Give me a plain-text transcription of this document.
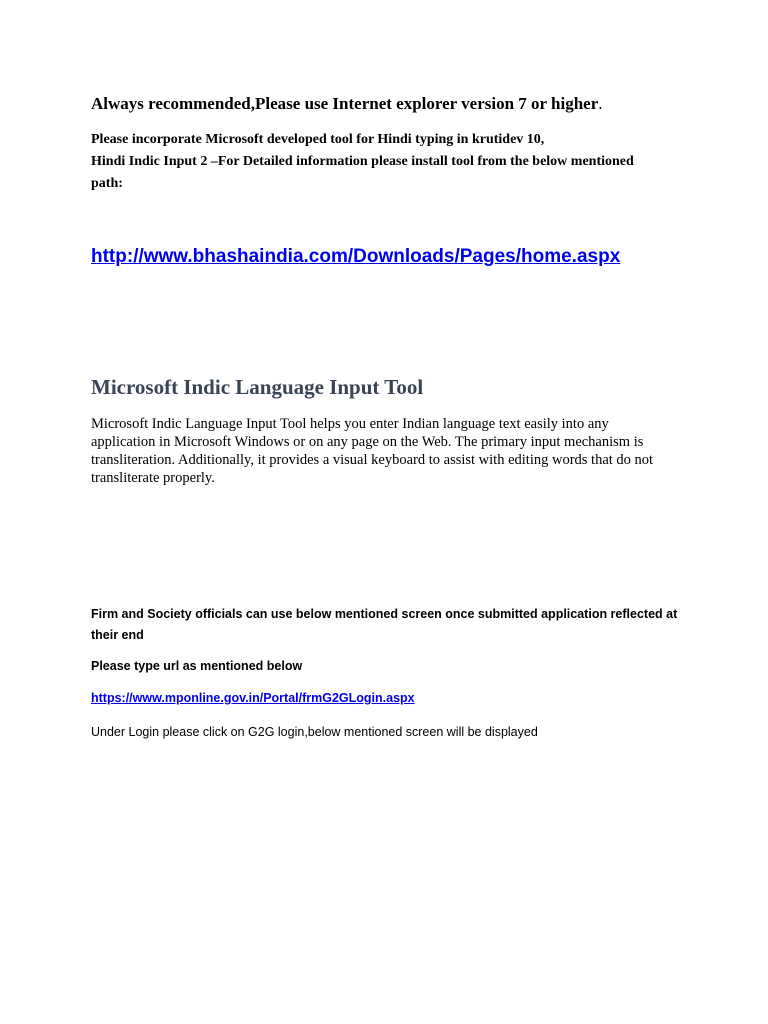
Always recommended,Please use Internet explorer version 7 or higher.
Please incorporate Microsoft developed tool for Hindi typing in krutidev 10,
Hindi Indic Input 2 –For Detailed information please install tool from the below mentioned
path:
http://www.bhashaindia.com/Downloads/Pages/home.aspx
Microsoft Indic Language Input Tool
Microsoft Indic Language Input Tool helps you enter Indian language text easily into any
application in Microsoft Windows or on any page on the Web. The primary input mechanism is
transliteration. Additionally, it provides a visual keyboard to assist with editing words that do not
transliterate properly.
Firm and Society officials can use below mentioned screen once submitted application reflected at
their end
Please type url as mentioned below
https://www.mponline.gov.in/Portal/frmG2GLogin.aspx
Under Login please click on G2G login,below mentioned screen will be displayed
